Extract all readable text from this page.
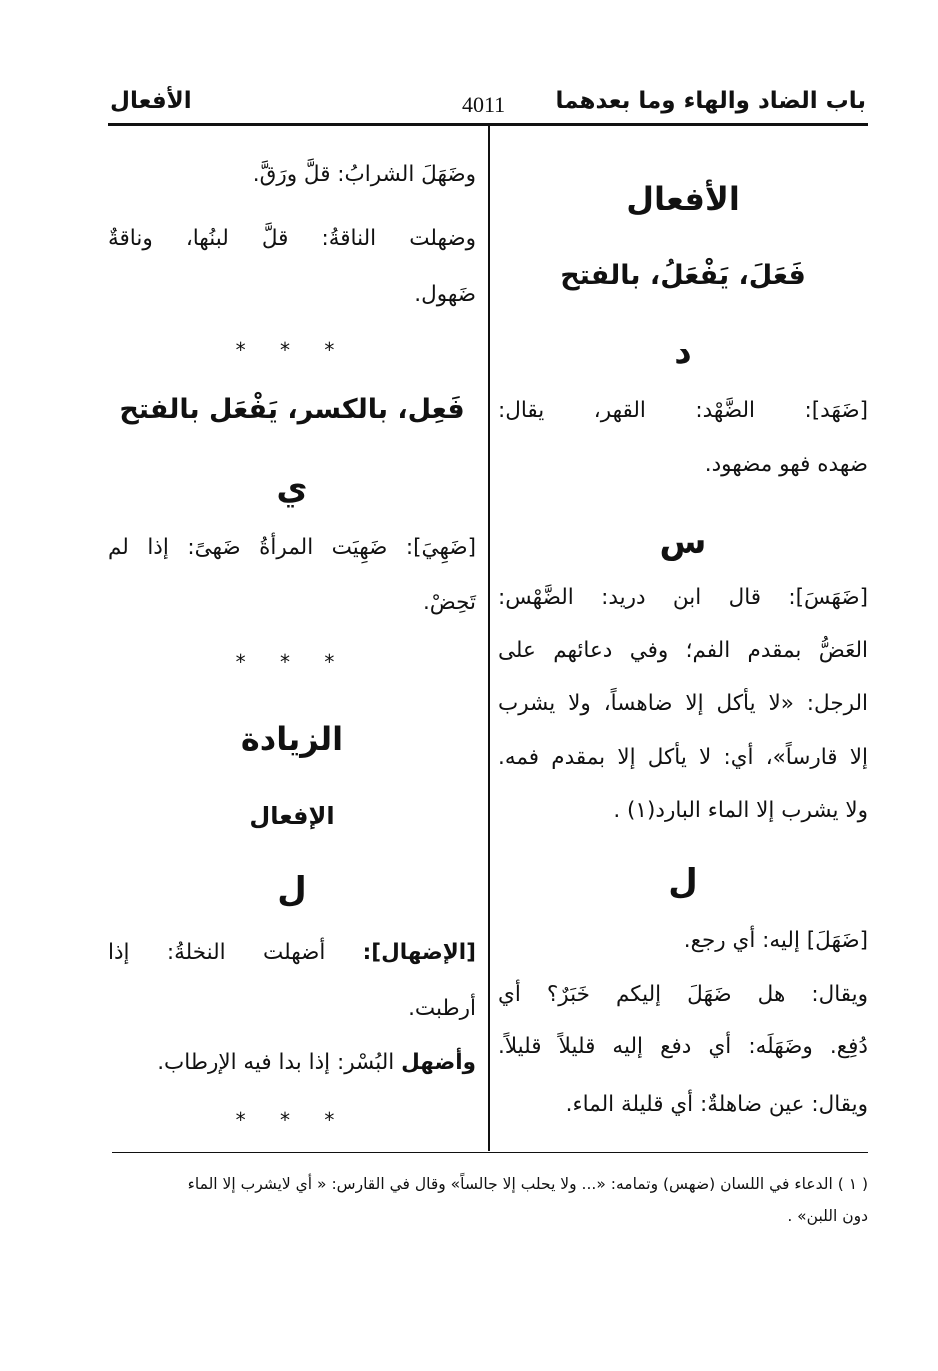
باب الضاد والهاء وما بعدهما
4011
الأفعال
الأفعال
فَعَلَ، يَفْعَلُ، بالفتح
د
[ضَهَد]: الضَّهْد: القهر، يقال:
ضهده فهو مضهود.
س
[ضَهَسَ]: قال ابن دريد: الضَّهْس:
العَضُّ بمقدم الفم؛ وفي دعائهم على
الرجل: «لا يأكل إلا ضاهساً، ولا يشرب
إلا قارساً»، أي: لا يأكل إلا بمقدم فمه.
ولا يشرب إلا الماء البارد(١) .
ل
[ضَهَلَ] إليه: أي رجع.
ويقال: هل ضَهَلَ إليكم خَبَرٌ؟ أي
دُفِع. وضَهَلَه: أي دفع إليه قليلاً قليلاً.
ويقال: عين ضاهلةٌ: أي قليلة الماء.
وضَهَلَ الشرابُ: قلَّ ورَقَّ.
وضهلت الناقةُ: قلَّ لبنُها، وناقةٌ
ضَهول.
* * *
فَعِل، بالكسر، يَفْعَل بالفتح
ي
[ضَهِيَ]: ضَهِيَت المرأةُ ضَهىً: إذا لم
تَحِضْ.
* * *
الزيادة
الإفعال
ل
[الإضهال]: أضهلت النخلةُ: إذا
أرطبت.
وأضهل البُسْر: إذا بدا فيه الإرطاب.
* * *
( ١ ) الدعاء في اللسان (ضهس) وتمامه: «... ولا يحلب إلا جالساً» وقال في القارس: « أي لايشرب إلا الماء
دون اللبن» .
